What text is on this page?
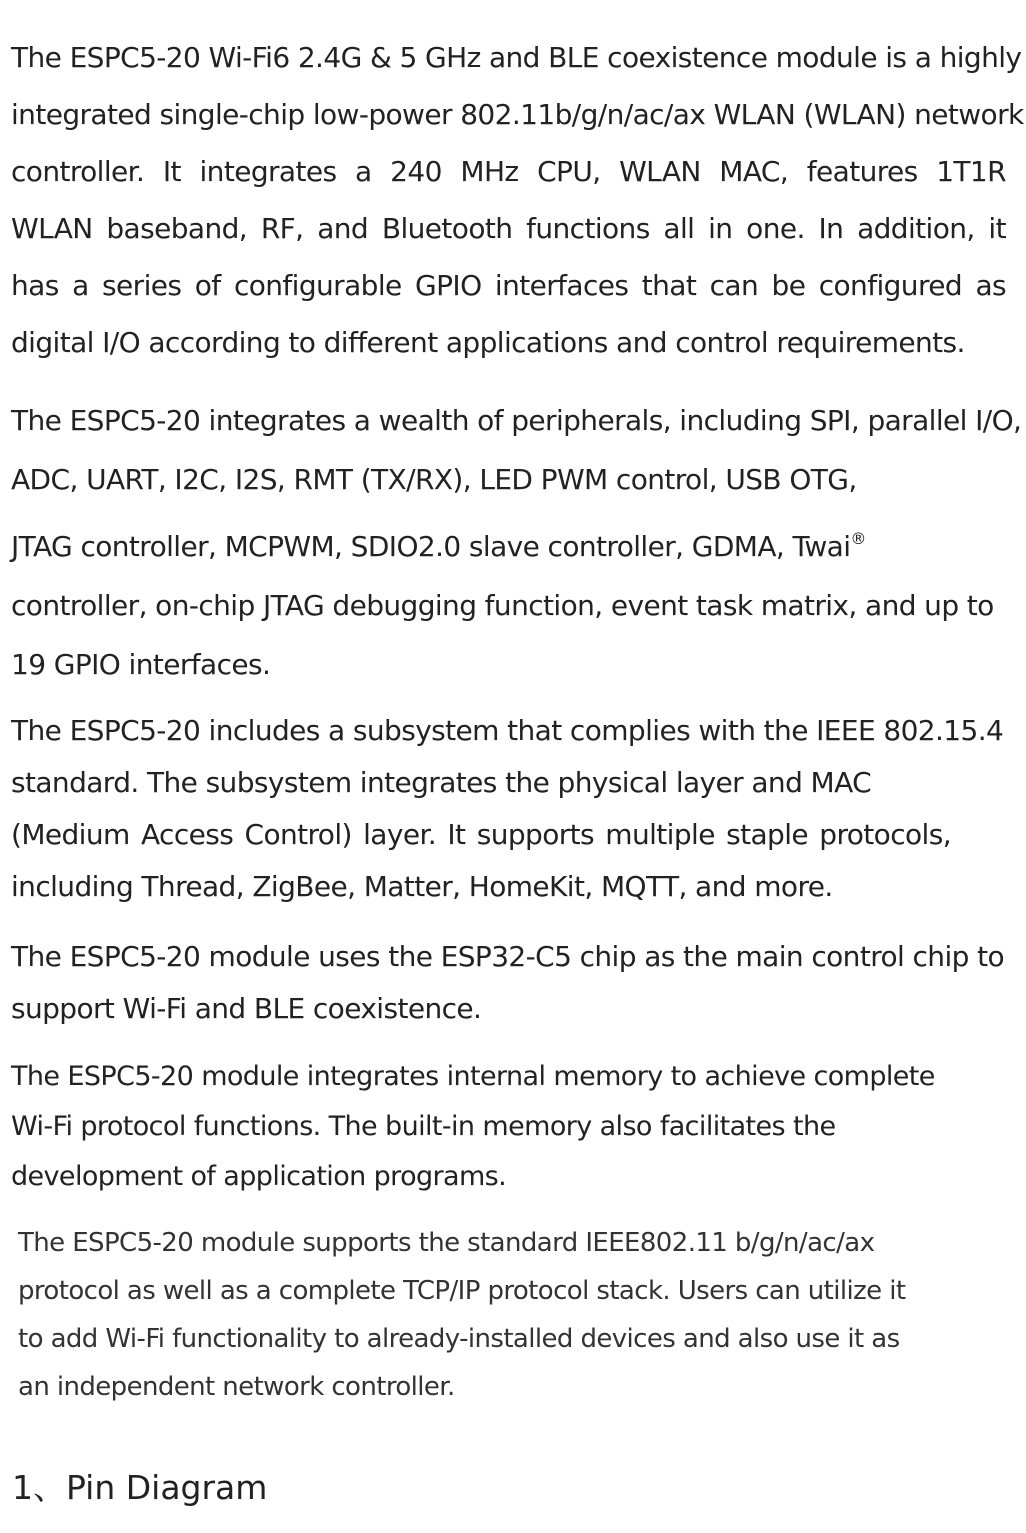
The ESPC5-20 Wi-Fi6 2.4G & 5 GHz and BLE coexistence module is a highly
integrated single-chip low-power 802.11b/g/n/ac/ax WLAN (WLAN) network
controller. It integrates a 240 MHz CPU, WLAN MAC, features 1T1R
WLAN baseband, RF, and Bluetooth functions all in one. In addition, it
has a series of configurable GPIO interfaces that can be configured as
digital I/O according to different applications and control requirements.

The ESPC5-20 integrates a wealth of peripherals, including SPI, parallel I/O,
ADC, UART, I2C, I2S, RMT (TX/RX), LED PWM control, USB OTG,
JTAG controller, MCPWM, SDIO2.0 slave controller, GDMA, Twai®
controller, on-chip JTAG debugging function, event task matrix, and up to
19 GPIO interfaces.

The ESPC5-20 includes a subsystem that complies with the IEEE 802.15.4
standard. The subsystem integrates the physical layer and MAC
(Medium Access Control) layer. It supports multiple staple protocols,
including Thread, ZigBee, Matter, HomeKit, MQTT, and more.

The ESPC5-20 module uses the ESP32-C5 chip as the main control chip to
support Wi-Fi and BLE coexistence.

The ESPC5-20 module integrates internal memory to achieve complete
Wi-Fi protocol functions. The built-in memory also facilitates the
development of application programs.

The ESPC5-20 module supports the standard IEEE802.11 b/g/n/ac/ax
protocol as well as a complete TCP/IP protocol stack. Users can utilize it
to add Wi-Fi functionality to already-installed devices and also use it as
an independent network controller.

1、Pin Diagram
